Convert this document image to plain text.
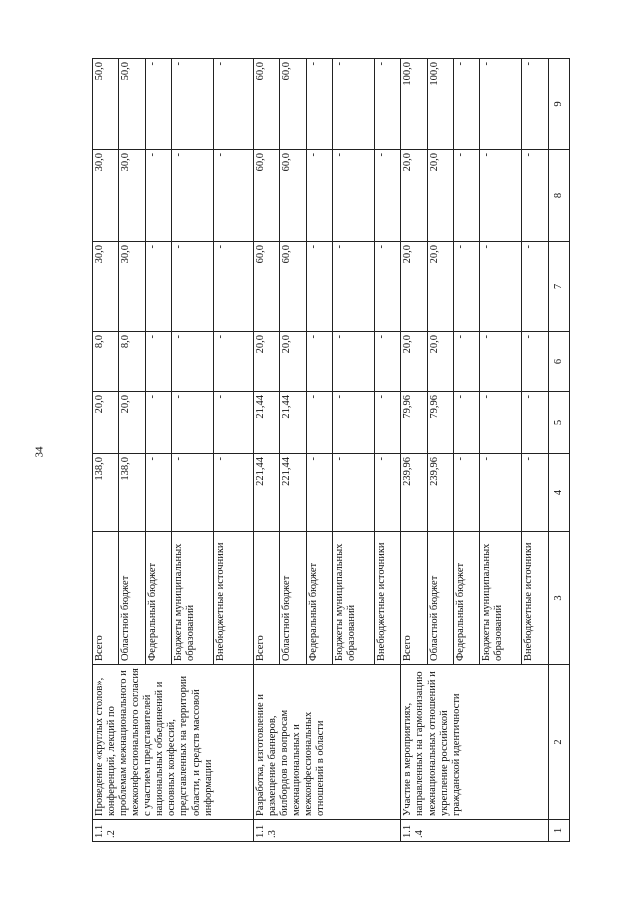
34
1.1.2	Проведение «круглых столов», конференций, лекций по проблемам межнационального и межконфессионального согласия с участием представителей национальных объединений и основных конфессий, представленных на территории области, и средств массовой информации	Всего	138,0	20,0	8,0	30,0	30,0	50,0
		Областной бюджет	138,0	20,0	8,0	30,0	30,0	50,0
		Федеральный бюджет	-	-	-	-	-	-
		Бюджеты муниципальных образований	-	-	-	-	-	-
		Внебюджетные источники	-	-	-	-	-	-
1.1.3	Разработка, изготовление и размещение баннеров, билбордов по вопросам межнациональных и межконфессиональных отношений в области	Всего	221,44	21,44	20,0	60,0	60,0	60,0
		Областной бюджет	221,44	21,44	20,0	60,0	60,0	60,0
		Федеральный бюджет	-	-	-	-	-	-
		Бюджеты муниципальных образований	-	-	-	-	-	-
		Внебюджетные источники	-	-	-	-	-	-
1.1.4	Участие в мероприятиях, направленных на гармонизацию межнациональных отношений и укрепление российской гражданской идентичности	Всего	239,96	79,96	20,0	20,0	20,0	100,0
		Областной бюджет	239,96	79,96	20,0	20,0	20,0	100,0
		Федеральный бюджет	-	-	-	-	-	-
		Бюджеты муниципальных образований	-	-	-	-	-	-
		Внебюджетные источники	-	-	-	-	-	-
1	2	3	4	5	6	7	8	9
